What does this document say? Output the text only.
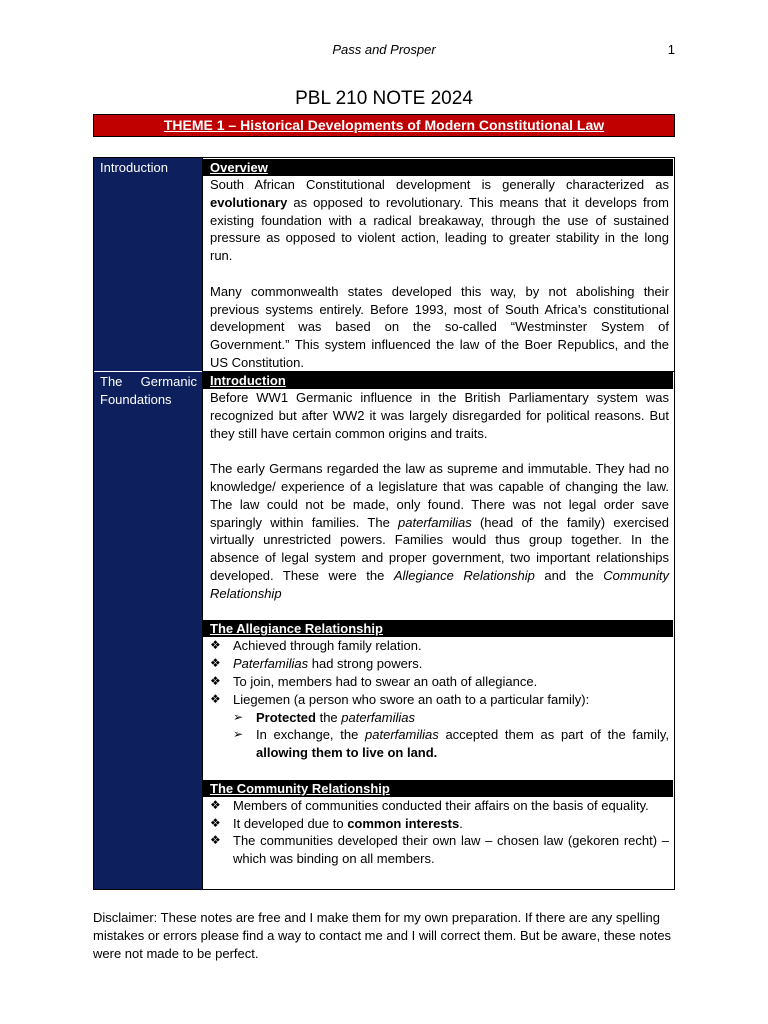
Pass and Prosper	1
PBL 210 NOTE 2024
THEME 1 – Historical Developments of Modern Constitutional Law
Introduction
The Germanic Foundations
Overview

South African Constitutional development is generally characterized as evolutionary as opposed to revolutionary. This means that it develops from existing foundation with a radical breakaway, through the use of sustained pressure as opposed to violent action, leading to greater stability in the long run.

Many commonwealth states developed this way, by not abolishing their previous systems entirely. Before 1993, most of South Africa’s constitutional development was based on the so-called “Westminster System of Government.” This system influenced the law of the Boer Republics, and the US Constitution.

Introduction

Before WW1 Germanic influence in the British Parliamentary system was recognized but after WW2 it was largely disregarded for political reasons. But they still have certain common origins and traits.

The early Germans regarded the law as supreme and immutable. They had no knowledge/ experience of a legislature that was capable of changing the law. The law could not be made, only found. There was not legal order save sparingly within families. The paterfamilias (head of the family) exercised virtually unrestricted powers. Families would thus group together. In the absence of legal system and proper government, two important relationships developed. These were the Allegiance Relationship and the Community Relationship

The Allegiance Relationship
❖ Achieved through family relation.
❖ Paterfamilias had strong powers.
❖ To join, members had to swear an oath of allegiance.
❖ Liegemen (a person who swore an oath to a particular family):
➢ Protected the paterfamilias
➢ In exchange, the paterfamilias accepted them as part of the family, allowing them to live on land.
The Community Relationship
❖ Members of communities conducted their affairs on the basis of equality.
❖ It developed due to common interests.
❖ The communities developed their own law – chosen law (gekoren recht) – which was binding on all members.
Disclaimer: These notes are free and I make them for my own preparation. If there are any spelling mistakes or errors please find a way to contact me and I will correct them. But be aware, these notes were not made to be perfect.
